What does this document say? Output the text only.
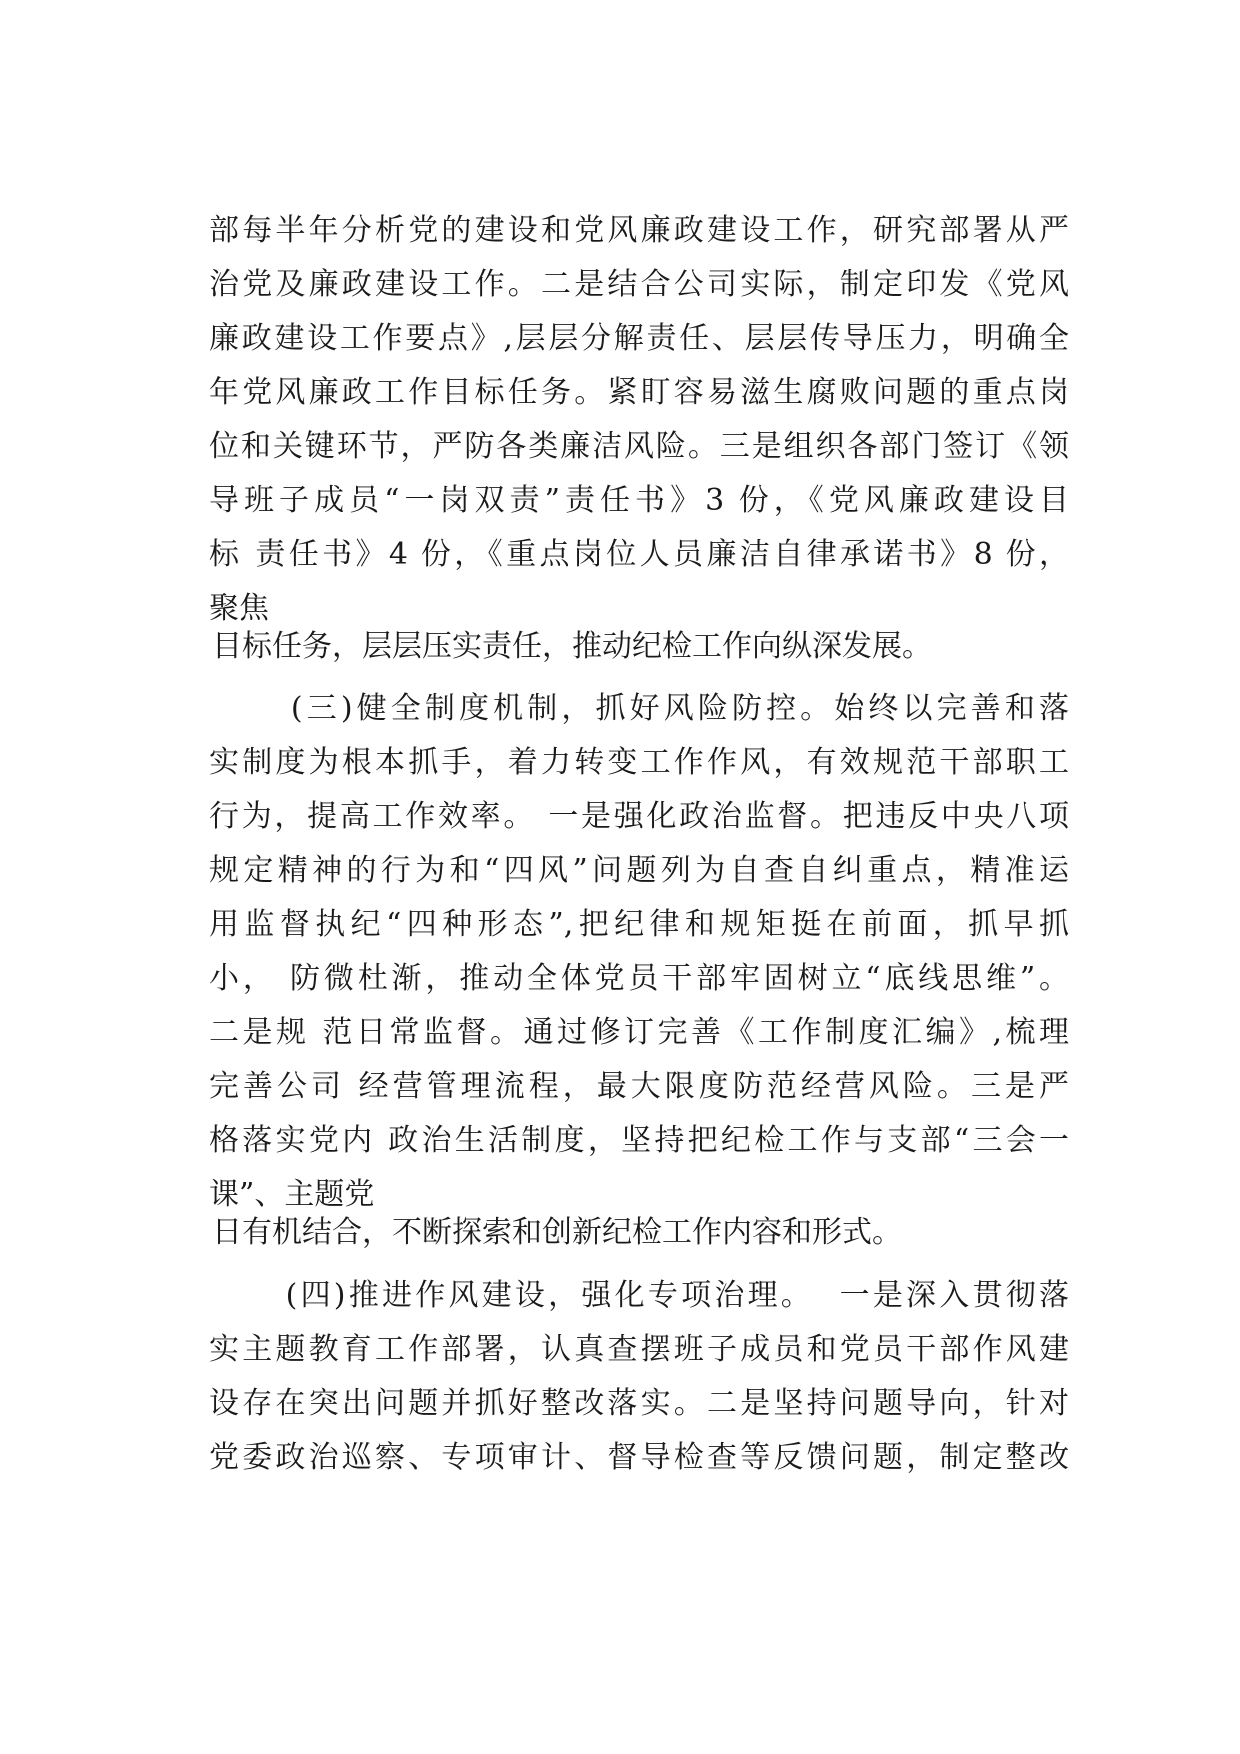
部每半年分析党的建设和党风廉政建设工作，研究部署从严
治党及廉政建设工作。二是结合公司实际，制定印发《党风
廉政建设工作要点》,层层分解责任、层层传导压力，明确全
年党风廉政工作目标任务。紧盯容易滋生腐败问题的重点岗
位和关键环节，严防各类廉洁风险。三是组织各部门签订《领
导班子成员“一岗双责”责任书》3 份，《党风廉政建设目
标 责任书》4 份，《重点岗位人员廉洁自律承诺书》8 份，
聚焦
目标任务，层层压实责任，推动纪检工作向纵深发展。
(三)健全制度机制，抓好风险防控。始终以完善和落
实制度为根本抓手，着力转变工作作风，有效规范干部职工
行为，提高工作效率。 一是强化政治监督。把违反中央八项
规定精神的行为和“四风”问题列为自查自纠重点，精准运
用监督执纪“四种形态”,把纪律和规矩挺在前面，抓早抓
小， 防微杜渐，推动全体党员干部牢固树立“底线思维”。
二是规 范日常监督。通过修订完善《工作制度汇编》,梳理
完善公司 经营管理流程，最大限度防范经营风险。三是严
格落实党内 政治生活制度，坚持把纪检工作与支部“三会一
课”、主题党
日有机结合，不断探索和创新纪检工作内容和形式。
(四)推进作风建设，强化专项治理。  一是深入贯彻落
实主题教育工作部署，认真查摆班子成员和党员干部作风建
设存在突出问题并抓好整改落实。二是坚持问题导向，针对
党委政治巡察、专项审计、督导检查等反馈问题，制定整改
